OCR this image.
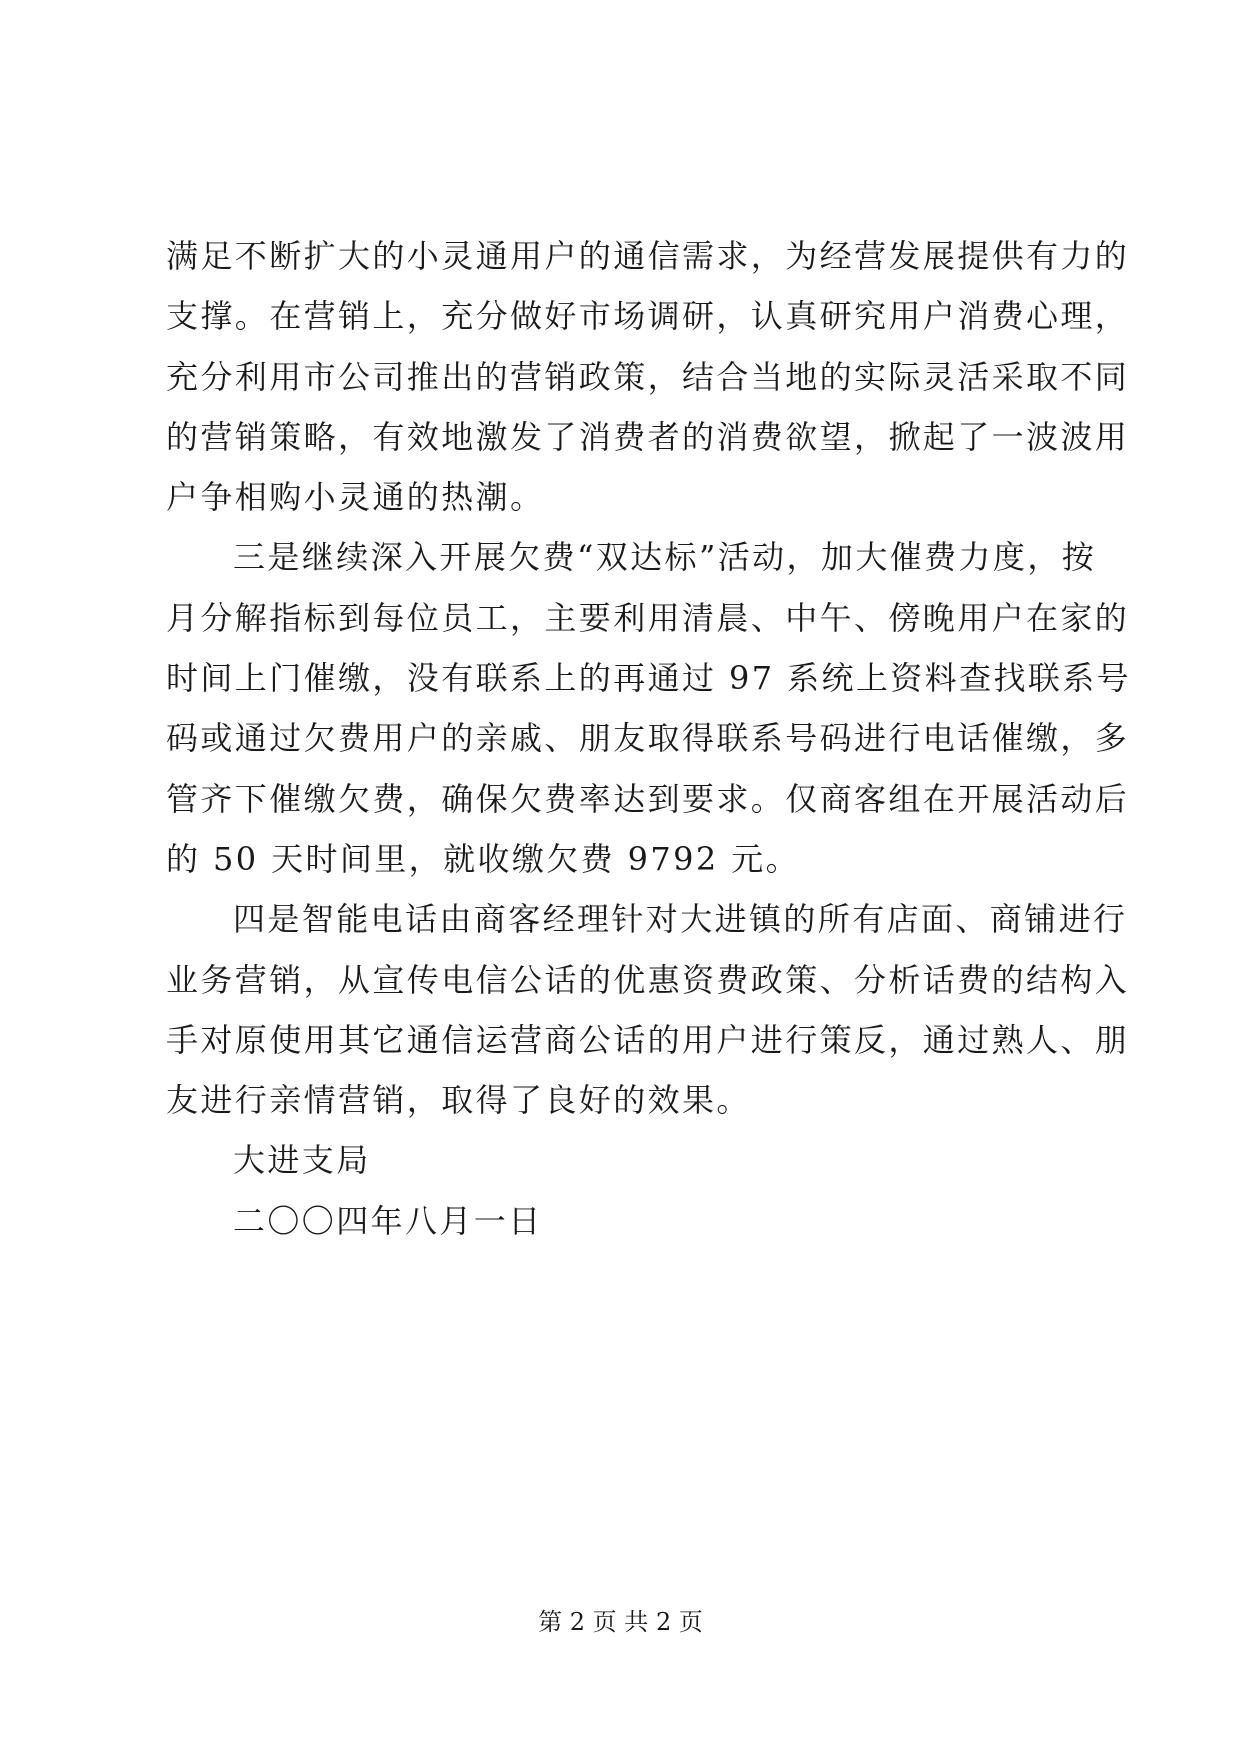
满足不断扩大的小灵通用户的通信需求，为经营发展提供有力的
支撑。在营销上，充分做好市场调研，认真研究用户消费心理，
充分利用市公司推出的营销政策，结合当地的实际灵活采取不同
的营销策略，有效地激发了消费者的消费欲望，掀起了一波波用
户争相购小灵通的热潮。
三是继续深入开展欠费“双达标”活动，加大催费力度，按
月分解指标到每位员工，主要利用清晨、中午、傍晚用户在家的
时间上门催缴，没有联系上的再通过 97 系统上资料查找联系号
码或通过欠费用户的亲戚、朋友取得联系号码进行电话催缴，多
管齐下催缴欠费，确保欠费率达到要求。仅商客组在开展活动后
的 50 天时间里，就收缴欠费 9792 元。
四是智能电话由商客经理针对大进镇的所有店面、商铺进行
业务营销，从宣传电信公话的优惠资费政策、分析话费的结构入
手对原使用其它通信运营商公话的用户进行策反，通过熟人、朋
友进行亲情营销，取得了良好的效果。
大进支局
二〇〇四年八月一日
第 2 页 共 2 页
